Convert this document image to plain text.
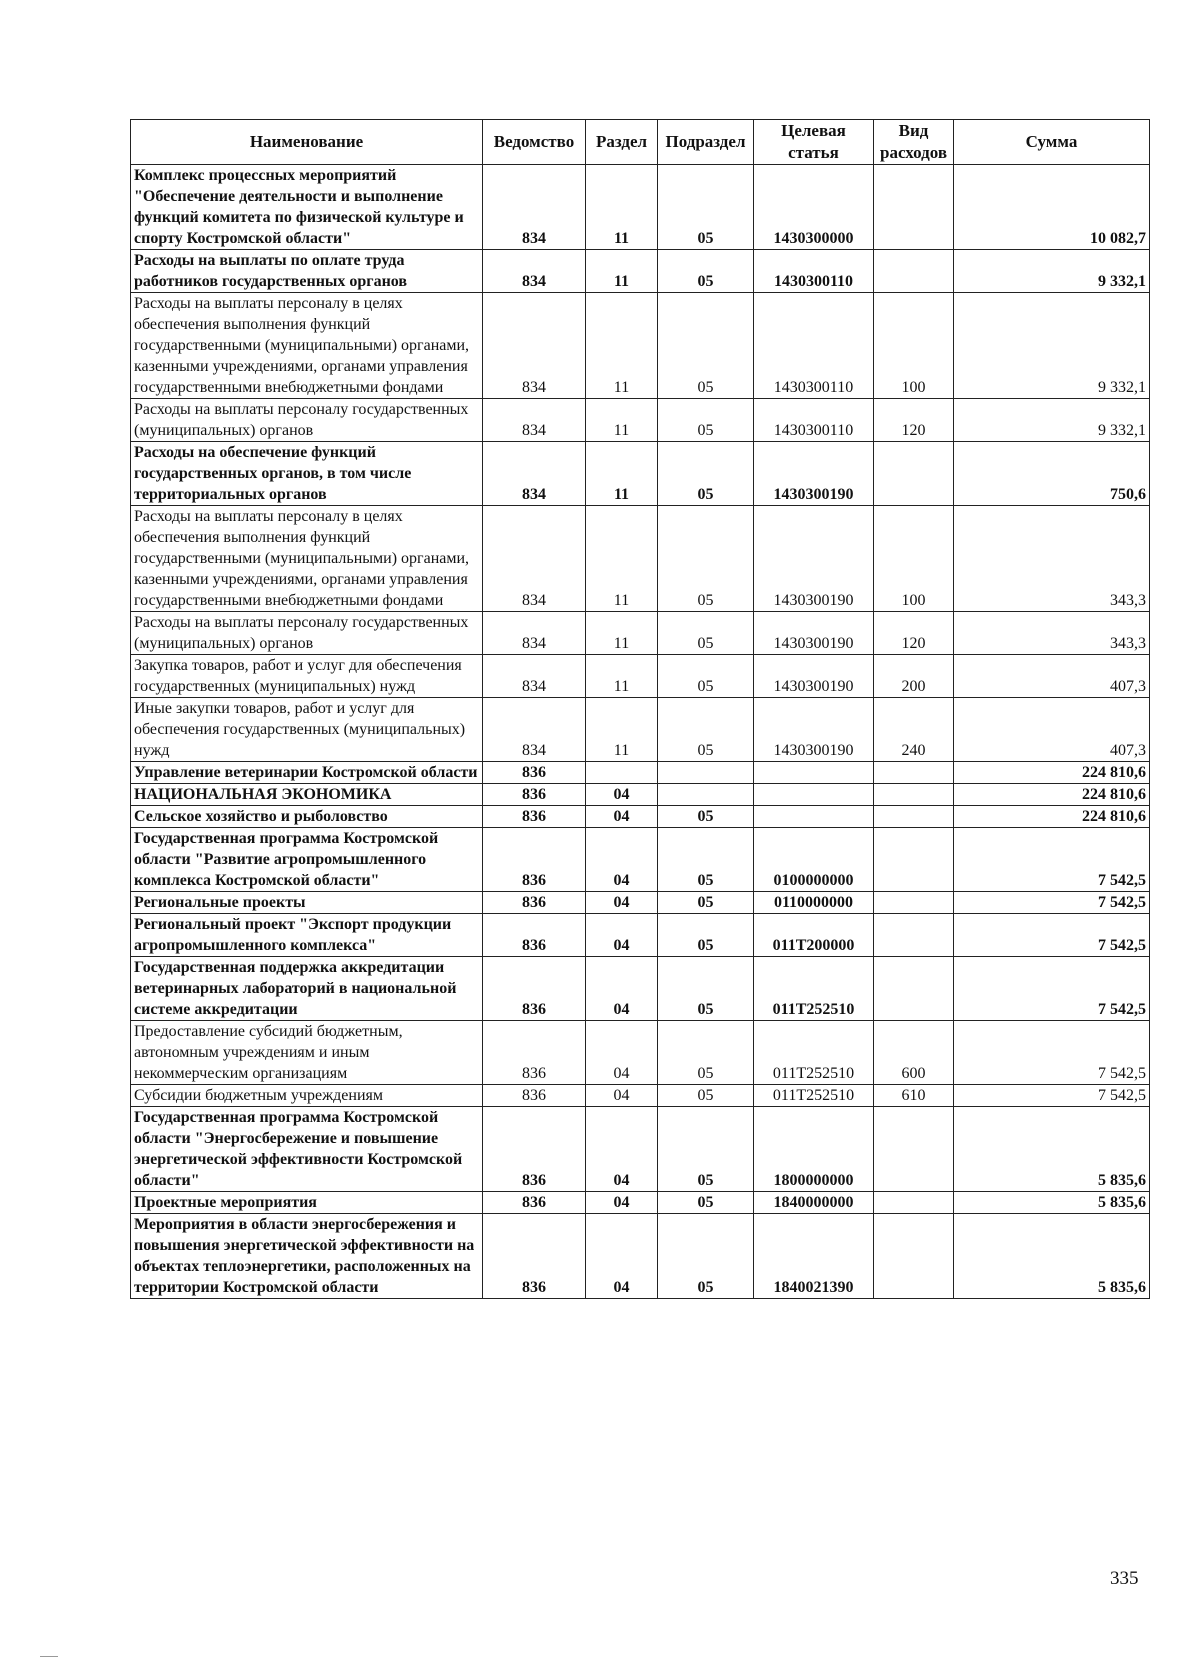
Наименование	Ведомство	Раздел	Подраздел	Целевая статья	Вид расходов	Сумма
Комплекс процессных мероприятий "Обеспечение деятельности и выполнение функций комитета по физической культуре и спорту Костромской области"	834	11	05	1430300000		10 082,7
Расходы на выплаты по оплате труда работников государственных органов	834	11	05	1430300110		9 332,1
Расходы на выплаты персоналу в целях обеспечения выполнения функций государственными (муниципальными) органами, казенными учреждениями, органами управления государственными внебюджетными фондами	834	11	05	1430300110	100	9 332,1
Расходы на выплаты персоналу государственных (муниципальных) органов	834	11	05	1430300110	120	9 332,1
Расходы на обеспечение функций государственных органов, в том числе территориальных органов	834	11	05	1430300190		750,6
Расходы на выплаты персоналу в целях обеспечения выполнения функций государственными (муниципальными) органами, казенными учреждениями, органами управления государственными внебюджетными фондами	834	11	05	1430300190	100	343,3
Расходы на выплаты персоналу государственных (муниципальных) органов	834	11	05	1430300190	120	343,3
Закупка товаров, работ и услуг для обеспечения государственных (муниципальных) нужд	834	11	05	1430300190	200	407,3
Иные закупки товаров, работ и услуг для обеспечения государственных (муниципальных) нужд	834	11	05	1430300190	240	407,3
Управление ветеринарии Костромской области	836					224 810,6
НАЦИОНАЛЬНАЯ ЭКОНОМИКА	836	04				224 810,6
Сельское хозяйство и рыболовство	836	04	05			224 810,6
Государственная программа Костромской области "Развитие агропромышленного комплекса Костромской области"	836	04	05	0100000000		7 542,5
Региональные проекты	836	04	05	0110000000		7 542,5
Региональный проект "Экспорт продукции агропромышленного комплекса"	836	04	05	011Т200000		7 542,5
Государственная поддержка аккредитации ветеринарных лабораторий в национальной системе аккредитации	836	04	05	011Т252510		7 542,5
Предоставление субсидий бюджетным, автономным учреждениям и иным некоммерческим организациям	836	04	05	011Т252510	600	7 542,5
Субсидии бюджетным учреждениям	836	04	05	011Т252510	610	7 542,5
Государственная программа Костромской области "Энергосбережение и повышение энергетической эффективности Костромской области"	836	04	05	1800000000		5 835,6
Проектные мероприятия	836	04	05	1840000000		5 835,6
Мероприятия в области энергосбережения и повышения энергетической эффективности на объектах теплоэнергетики, расположенных на территории Костромской области	836	04	05	1840021390		5 835,6
335
